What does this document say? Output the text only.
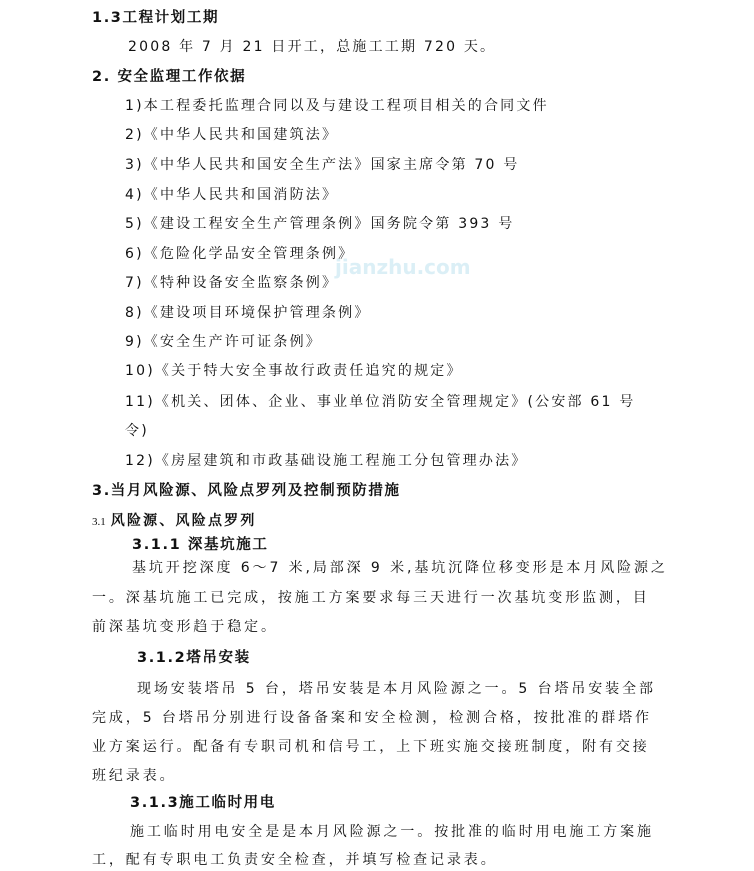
jianzhu.com
1.3工程计划工期
2008 年 7 月 21 日开工，总施工工期 720 天。
2. 安全监理工作依据
1)本工程委托监理合同以及与建设工程项目相关的合同文件
2)《中华人民共和国建筑法》
3)《中华人民共和国安全生产法》国家主席令第 70 号
4)《中华人民共和国消防法》
5)《建设工程安全生产管理条例》国务院令第 393 号
6)《危险化学品安全管理条例》
7)《特种设备安全监察条例》
8)《建设项目环境保护管理条例》
9)《安全生产许可证条例》
10)《关于特大安全事故行政责任追究的规定》
11)《机关、团体、企业、事业单位消防安全管理规定》(公安部 61 号
令)
12)《房屋建筑和市政基础设施工程施工分包管理办法》
3.当月风险源、风险点罗列及控制预防措施
3.1 风险源、风险点罗列
3.1.1 深基坑施工
基坑开挖深度 6～7 米,局部深 9 米,基坑沉降位移变形是本月风险源之
一。深基坑施工已完成，按施工方案要求每三天进行一次基坑变形监测，目
前深基坑变形趋于稳定。
3.1.2塔吊安装
现场安装塔吊 5 台，塔吊安装是本月风险源之一。5 台塔吊安装全部
完成，5 台塔吊分别进行设备备案和安全检测，检测合格，按批准的群塔作
业方案运行。配备有专职司机和信号工，上下班实施交接班制度，附有交接
班纪录表。
3.1.3施工临时用电
施工临时用电安全是是本月风险源之一。按批准的临时用电施工方案施
工，配有专职电工负责安全检查，并填写检查记录表。
